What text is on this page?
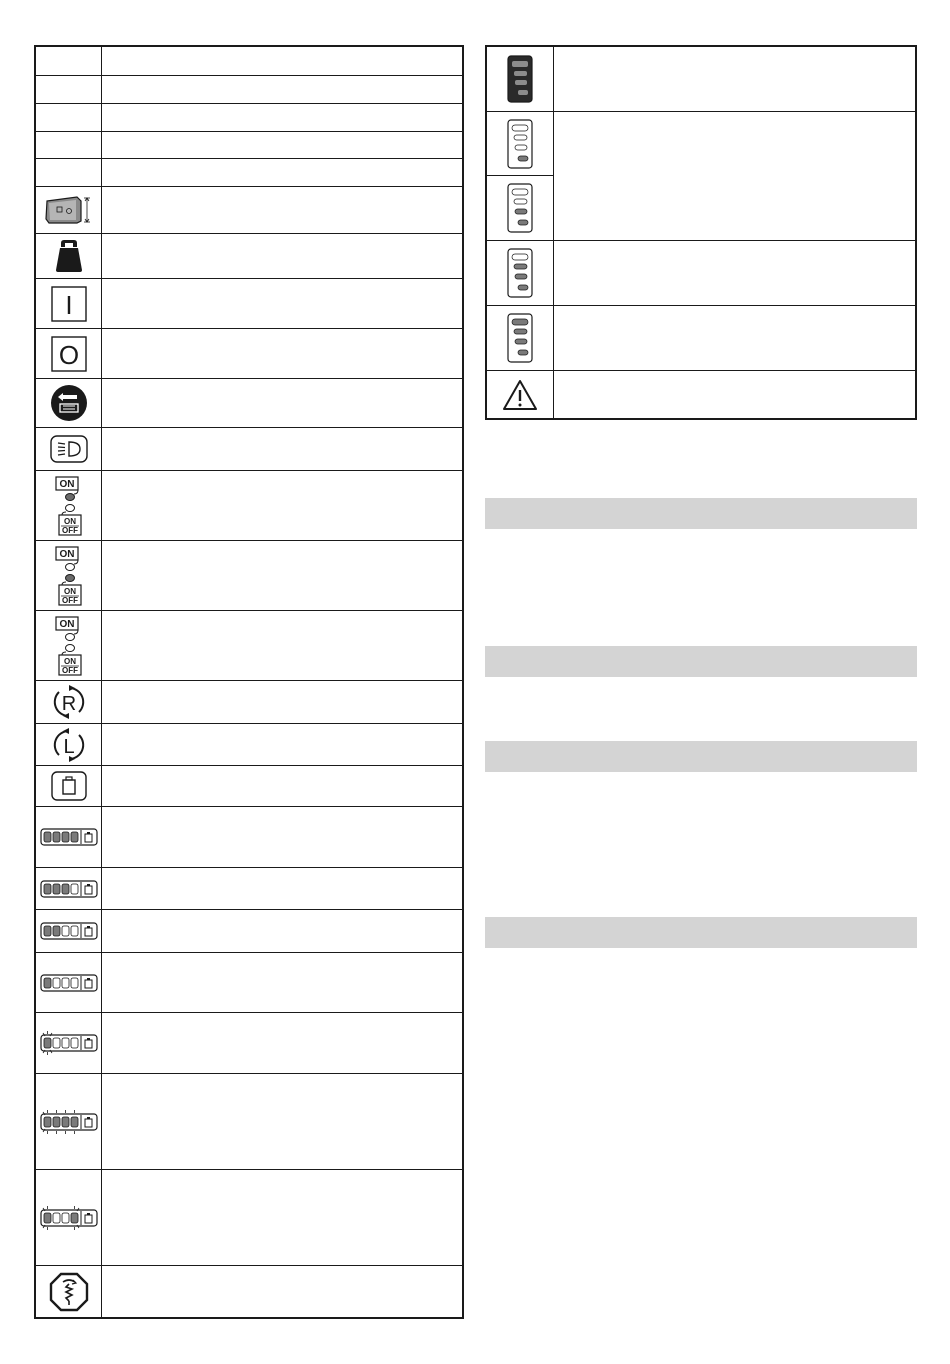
I
O
ON
ON
OFF
ON
ON
OFF
ON
ON
OFF
R
L
